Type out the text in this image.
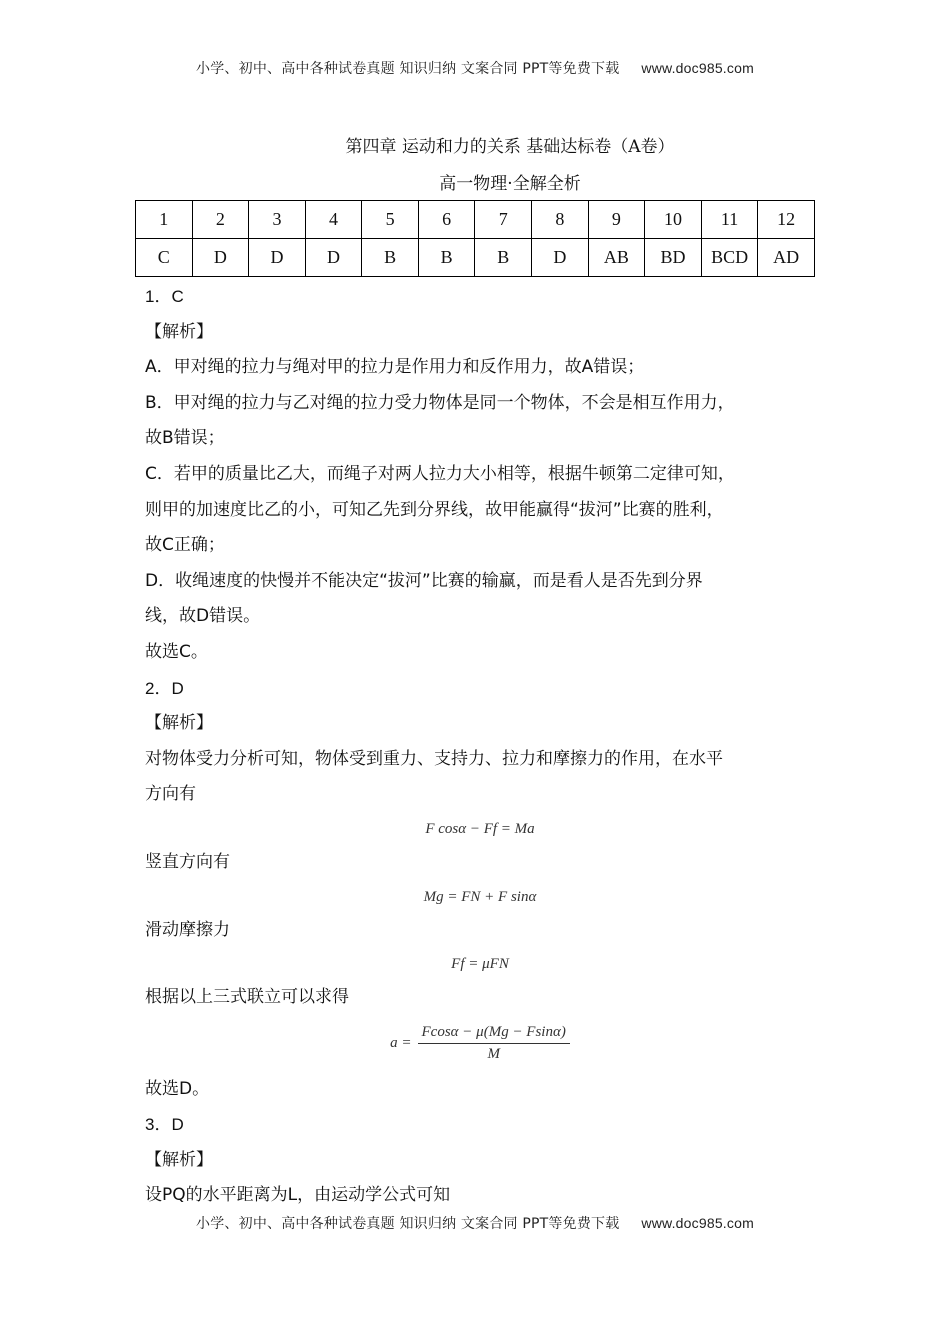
小学、初中、高中各种试卷真题 知识归纳 文案合同 PPT等免费下载 www.doc985.com
第四章 运动和力的关系 基础达标卷（A卷）
高一物理·全解全析
1	2	3	4	5	6	7	8	9	10	11	12
C	D	D	D	B	B	B	D	AB	BD	BCD	AD
1．C
【解析】
A．甲对绳的拉力与绳对甲的拉力是作用力和反作用力，故A错误；
B．甲对绳的拉力与乙对绳的拉力受力物体是同一个物体，不会是相互作用力，
故B错误；
C．若甲的质量比乙大，而绳子对两人拉力大小相等，根据牛顿第二定律可知，
则甲的加速度比乙的小，可知乙先到分界线，故甲能赢得“拔河”比赛的胜利，
故C正确；
D．收绳速度的快慢并不能决定“拔河”比赛的输赢，而是看人是否先到分界
线，故D错误。
故选C。
2．D
【解析】
对物体受力分析可知，物体受到重力、支持力、拉力和摩擦力的作用，在水平
方向有
F cosα − Ff = Ma
竖直方向有
Mg = FN + F sinα
滑动摩擦力
Ff = μFN
根据以上三式联立可以求得
$a = \frac{Fcos\alpha - \mu(Mg - Fsin\alpha)}{M}$
故选D。
3．D
【解析】
设PQ的水平距离为L，由运动学公式可知
小学、初中、高中各种试卷真题 知识归纳 文案合同 PPT等免费下载 www.doc985.com
